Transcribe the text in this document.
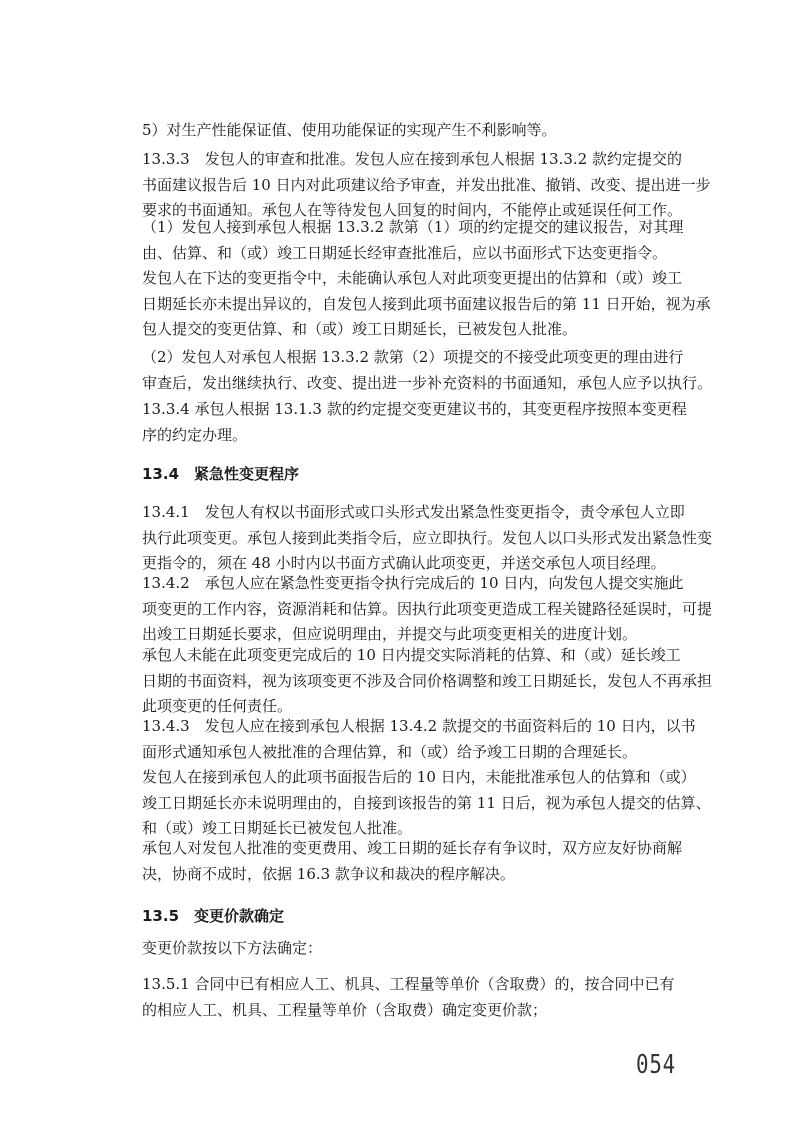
5）对生产性能保证值、使用功能保证的实现产生不利影响等。

13.3.3　发包人的审查和批准。发包人应在接到承包人根据 13.3.2 款约定提交的
书面建议报告后 10 日内对此项建议给予审查，并发出批准、撤销、改变、提出进一步
要求的书面通知。承包人在等待发包人回复的时间内，不能停止或延误任何工作。

（1）发包人接到承包人根据 13.3.2 款第（1）项的约定提交的建议报告，对其理
由、估算、和（或）竣工日期延长经审查批准后，应以书面形式下达变更指令。

发包人在下达的变更指令中，未能确认承包人对此项变更提出的估算和（或）竣工
日期延长亦未提出异议的，自发包人接到此项书面建议报告后的第 11 日开始，视为承
包人提交的变更估算、和（或）竣工日期延长，已被发包人批准。

（2）发包人对承包人根据 13.3.2 款第（2）项提交的不接受此项变更的理由进行
审查后，发出继续执行、改变、提出进一步补充资料的书面通知，承包人应予以执行。

13.3.4 承包人根据 13.1.3 款的约定提交变更建议书的，其变更程序按照本变更程
序的约定办理。

13.4　紧急性变更程序

13.4.1　发包人有权以书面形式或口头形式发出紧急性变更指令，责令承包人立即
执行此项变更。承包人接到此类指令后，应立即执行。发包人以口头形式发出紧急性变
更指令的，须在 48 小时内以书面方式确认此项变更，并送交承包人项目经理。

13.4.2　承包人应在紧急性变更指令执行完成后的 10 日内，向发包人提交实施此
项变更的工作内容，资源消耗和估算。因执行此项变更造成工程关键路径延误时，可提
出竣工日期延长要求，但应说明理由，并提交与此项变更相关的进度计划。

承包人未能在此项变更完成后的 10 日内提交实际消耗的估算、和（或）延长竣工
日期的书面资料，视为该项变更不涉及合同价格调整和竣工日期延长，发包人不再承担
此项变更的任何责任。

13.4.3　发包人应在接到承包人根据 13.4.2 款提交的书面资料后的 10 日内，以书
面形式通知承包人被批准的合理估算，和（或）给予竣工日期的合理延长。

发包人在接到承包人的此项书面报告后的 10 日内，未能批准承包人的估算和（或）
竣工日期延长亦未说明理由的，自接到该报告的第 11 日后，视为承包人提交的估算、
和（或）竣工日期延长已被发包人批准。

承包人对发包人批准的变更费用、竣工日期的延长存有争议时，双方应友好协商解
决，协商不成时，依据 16.3 款争议和裁决的程序解决。

13.5　变更价款确定

变更价款按以下方法确定：

054

13.5.1 合同中已有相应人工、机具、工程量等单价（含取费）的，按合同中已有
的相应人工、机具、工程量等单价（含取费）确定变更价款；
